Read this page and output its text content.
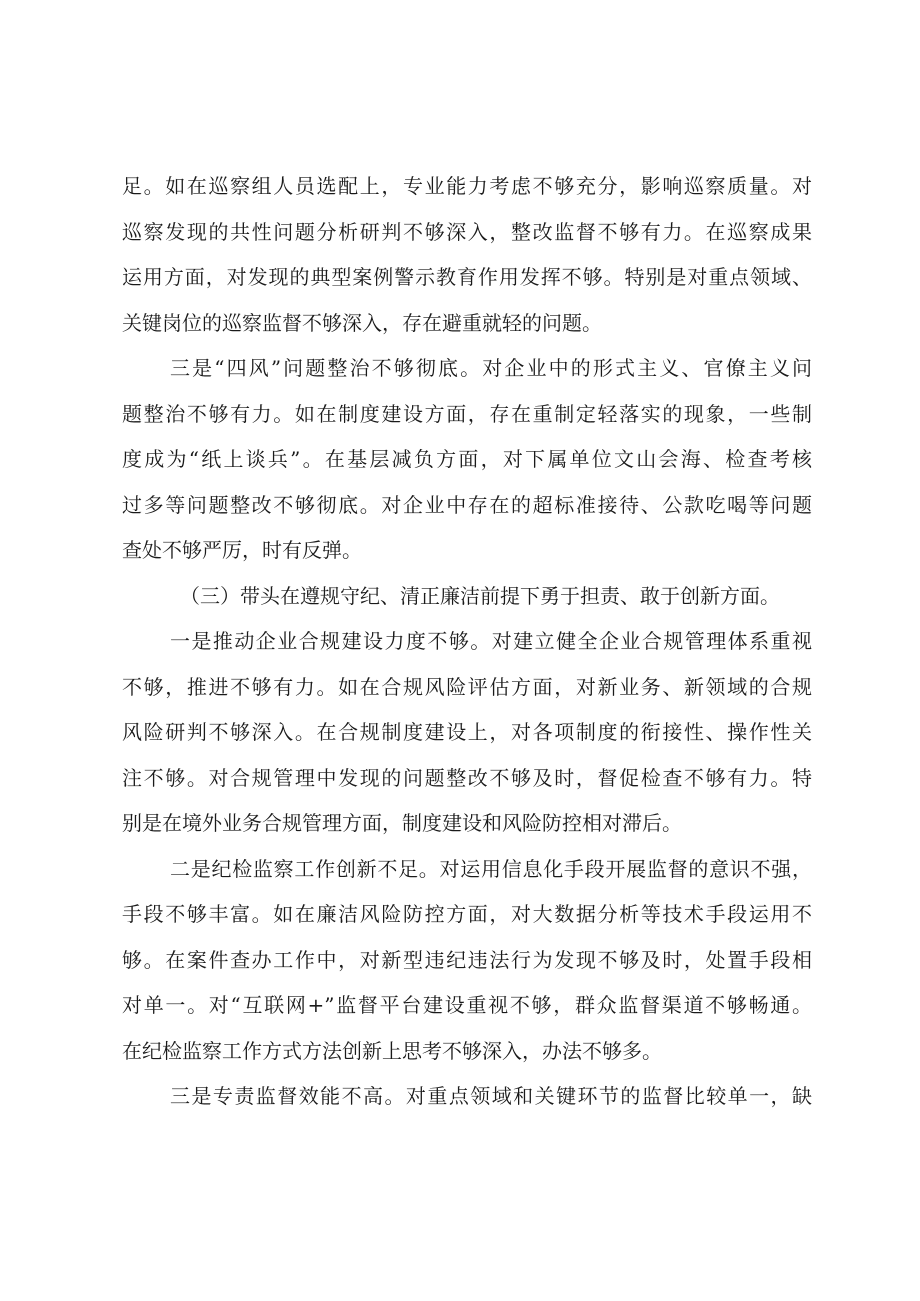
足。如在巡察组人员选配上，专业能力考虑不够充分，影响巡察质量。对
巡察发现的共性问题分析研判不够深入，整改监督不够有力。在巡察成果
运用方面，对发现的典型案例警示教育作用发挥不够。特别是对重点领域、
关键岗位的巡察监督不够深入，存在避重就轻的问题。
三是“四风”问题整治不够彻底。对企业中的形式主义、官僚主义问
题整治不够有力。如在制度建设方面，存在重制定轻落实的现象，一些制
度成为“纸上谈兵”。在基层减负方面，对下属单位文山会海、检查考核
过多等问题整改不够彻底。对企业中存在的超标准接待、公款吃喝等问题
查处不够严厉，时有反弹。
（三）带头在遵规守纪、清正廉洁前提下勇于担责、敢于创新方面。
一是推动企业合规建设力度不够。对建立健全企业合规管理体系重视
不够，推进不够有力。如在合规风险评估方面，对新业务、新领域的合规
风险研判不够深入。在合规制度建设上，对各项制度的衔接性、操作性关
注不够。对合规管理中发现的问题整改不够及时，督促检查不够有力。特
别是在境外业务合规管理方面，制度建设和风险防控相对滞后。
二是纪检监察工作创新不足。对运用信息化手段开展监督的意识不强，
手段不够丰富。如在廉洁风险防控方面，对大数据分析等技术手段运用不
够。在案件查办工作中，对新型违纪违法行为发现不够及时，处置手段相
对单一。对“互联网+”监督平台建设重视不够，群众监督渠道不够畅通。
在纪检监察工作方式方法创新上思考不够深入，办法不够多。
三是专责监督效能不高。对重点领域和关键环节的监督比较单一，缺
